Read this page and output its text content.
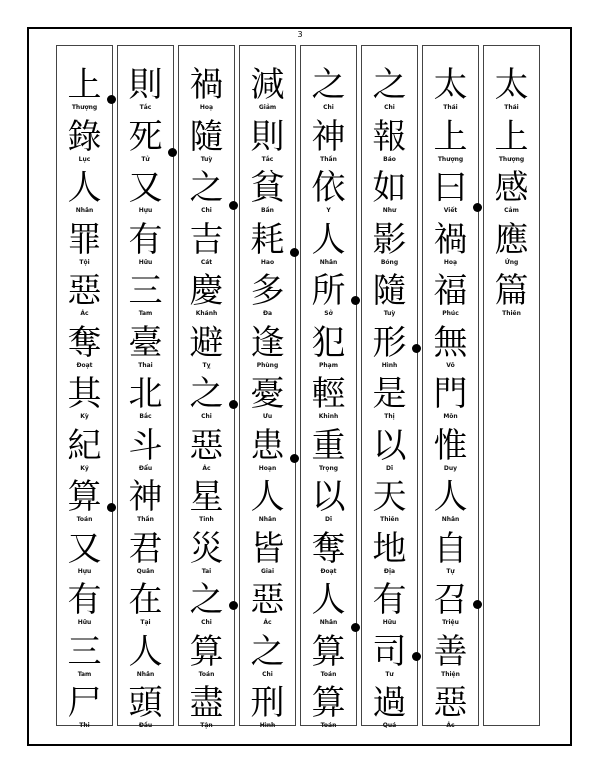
3
太
Thái
上
Thượng
感
Cảm
應
Ứng
篇
Thiên
太
Thái
上
Thượng
曰
Viết
禍
Hoạ
福
Phúc
無
Vô
門
Môn
惟
Duy
人
Nhân
自
Tự
召
Triệu
善
Thiện
惡
Ác
之
Chi
報
Báo
如
Như
影
Bóng
隨
Tuỳ
形
Hình
是
Thị
以
Dĩ
天
Thiên
地
Địa
有
Hữu
司
Tư
過
Quá
之
Chi
神
Thần
依
Y
人
Nhân
所
Sở
犯
Phạm
輕
Khinh
重
Trọng
以
Dĩ
奪
Đoạt
人
Nhân
算
Toán
算
Toán
減
Giảm
則
Tắc
貧
Bần
耗
Hao
多
Đa
逢
Phùng
憂
Ưu
患
Hoạn
人
Nhân
皆
Giai
惡
Ác
之
Chi
刑
Hình
禍
Hoạ
隨
Tuỳ
之
Chi
吉
Cát
慶
Khánh
避
Tỵ
之
Chi
惡
Ác
星
Tinh
災
Tai
之
Chi
算
Toán
盡
Tận
則
Tắc
死
Tử
又
Hựu
有
Hữu
三
Tam
臺
Thai
北
Bắc
斗
Đẩu
神
Thần
君
Quân
在
Tại
人
Nhân
頭
Đầu
上
Thượng
錄
Lục
人
Nhân
罪
Tội
惡
Ác
奪
Đoạt
其
Kỳ
紀
Kỷ
算
Toán
又
Hựu
有
Hữu
三
Tam
尸
Thi
